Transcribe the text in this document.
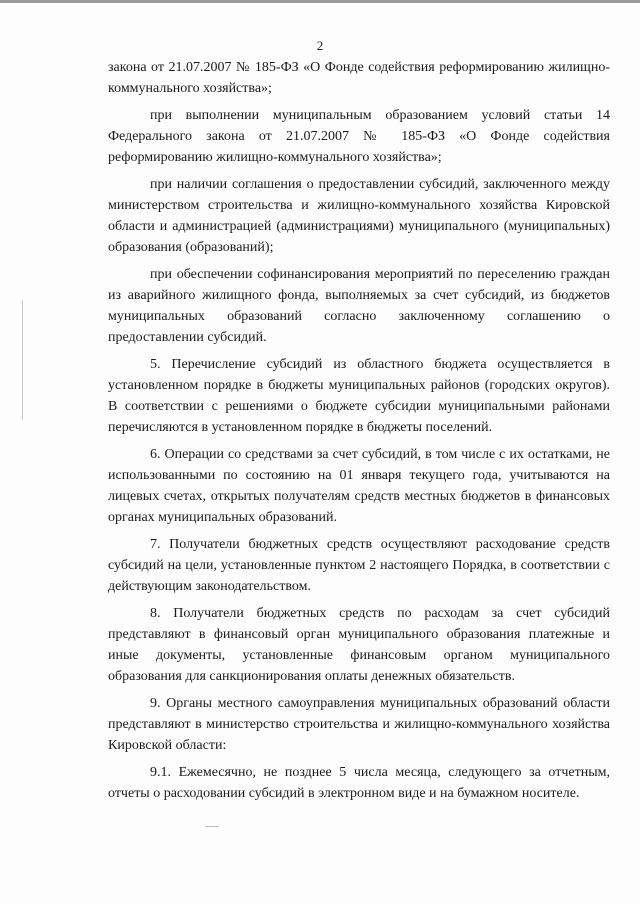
2

закона от 21.07.2007 № 185-ФЗ «О Фонде содействия реформированию жилищно-коммунального хозяйства»;

при выполнении муниципальным образованием условий статьи 14 Федерального закона от 21.07.2007 № 185-ФЗ «О Фонде содействия реформированию жилищно-коммунального хозяйства»;

при наличии соглашения о предоставлении субсидий, заключенного между министерством строительства и жилищно-коммунального хозяйства Кировской области и администрацией (администрациями) муниципального (муниципальных) образования (образований);

при обеспечении софинансирования мероприятий по переселению граждан из аварийного жилищного фонда, выполняемых за счет субсидий, из бюджетов муниципальных образований согласно заключенному соглашению о предоставлении субсидий.

5. Перечисление субсидий из областного бюджета осуществляется в установленном порядке в бюджеты муниципальных районов (городских округов). В соответствии с решениями о бюджете субсидии муниципальными районами перечисляются в установленном порядке в бюджеты поселений.

6. Операции со средствами за счет субсидий, в том числе с их остатками, не использованными по состоянию на 01 января текущего года, учитываются на лицевых счетах, открытых получателям средств местных бюджетов в финансовых органах муниципальных образований.

7. Получатели бюджетных средств осуществляют расходование средств субсидий на цели, установленные пунктом 2 настоящего Порядка, в соответствии с действующим законодательством.

8. Получатели бюджетных средств по расходам за счет субсидий представляют в финансовый орган муниципального образования платежные и иные документы, установленные финансовым органом муниципального образования для санкционирования оплаты денежных обязательств.

9. Органы местного самоуправления муниципальных образований области представляют в министерство строительства и жилищно-коммунального хозяйства Кировской области:

9.1. Ежемесячно, не позднее 5 числа месяца, следующего за отчетным, отчеты о расходовании субсидий в электронном виде и на бумажном носителе.
